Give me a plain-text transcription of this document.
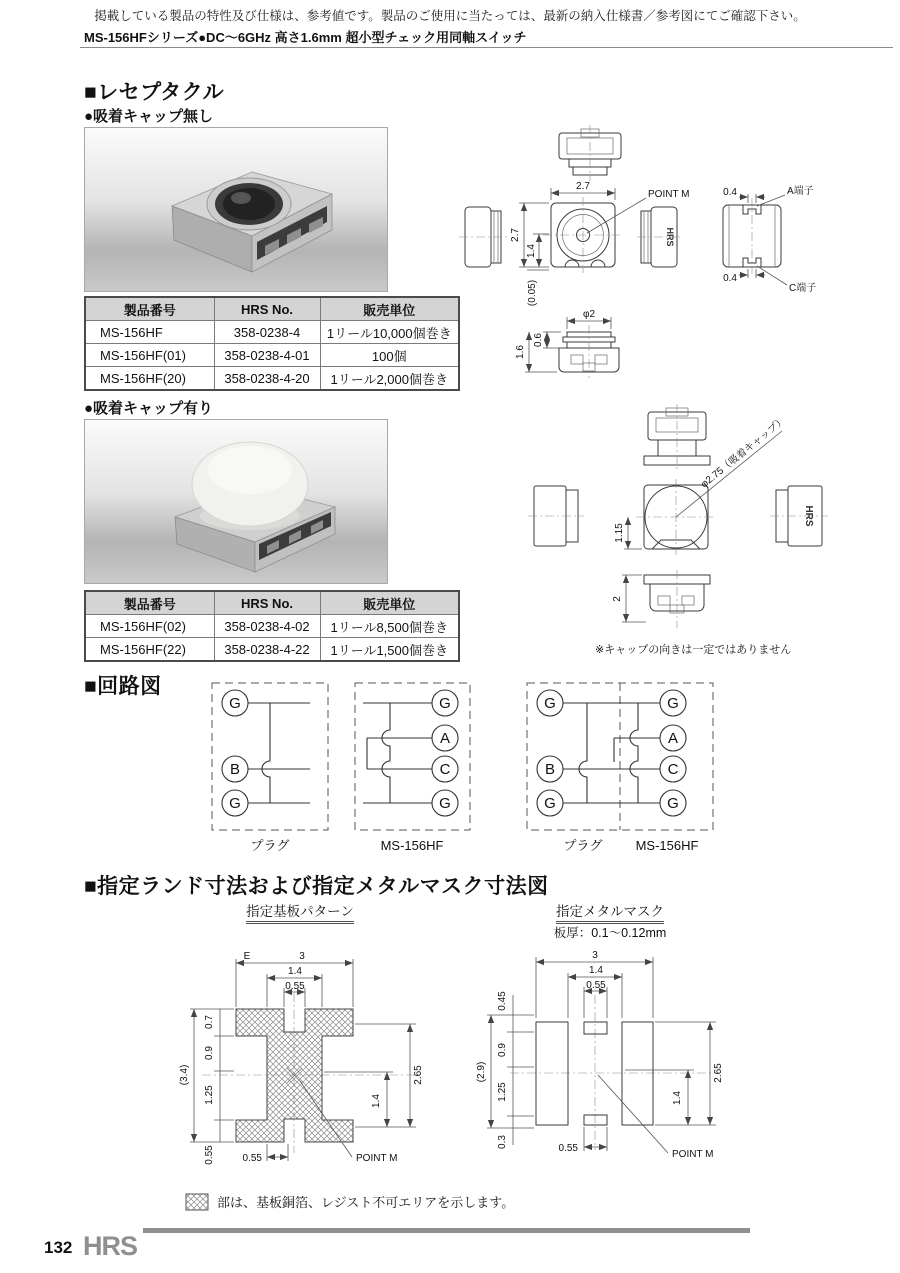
掲載している製品の特性及び仕様は、参考値です。製品のご使用に当たっては、最新の納入仕様書／参考図にてご確認下さい。
MS-156HFシリーズ●DC〜6GHz 高さ1.6mm 超小型チェック用同軸スイッチ
■レセプタクル
●吸着キャップ無し
2.7
POINT M
2.7
1.4
(0.05)
HRS
0.4
0.4
A端子
C端子
φ2
0.6
1.6
製品番号	HRS No.	販売単位
MS-156HF	358-0238-4	1リール10,000個巻き
MS-156HF(01)	358-0238-4-01	100個
MS-156HF(20)	358-0238-4-20	1リール2,000個巻き
●吸着キャップ有り
φ2.75（吸着キャップ）
1.15
HRS
2
※キャップの向きは一定ではありません
製品番号	HRS No.	販売単位
MS-156HF(02)	358-0238-4-02	1リール8,500個巻き
MS-156HF(22)	358-0238-4-22	1リール1,500個巻き
■回路図
G
B
G
プラグ
G
A
C
G
MS-156HF
G
B
G
G
A
C
G
プラグ	MS-156HF
■指定ランド寸法および指定メタルマスク寸法図
指定基板パターン	指定メタルマスク
板厚：0.1〜0.12mm
E	3
1.4
0.55
(3.4)
0.7
0.9
1.25
0.55
2.65
1.4
0.55	POINT M
3
1.4
0.55
(2.9)
0.45
0.9
1.25
0.3
2.65
1.4
0.55
POINT M
部は、基板銅箔、レジスト不可エリアを示します。
132 HRS
